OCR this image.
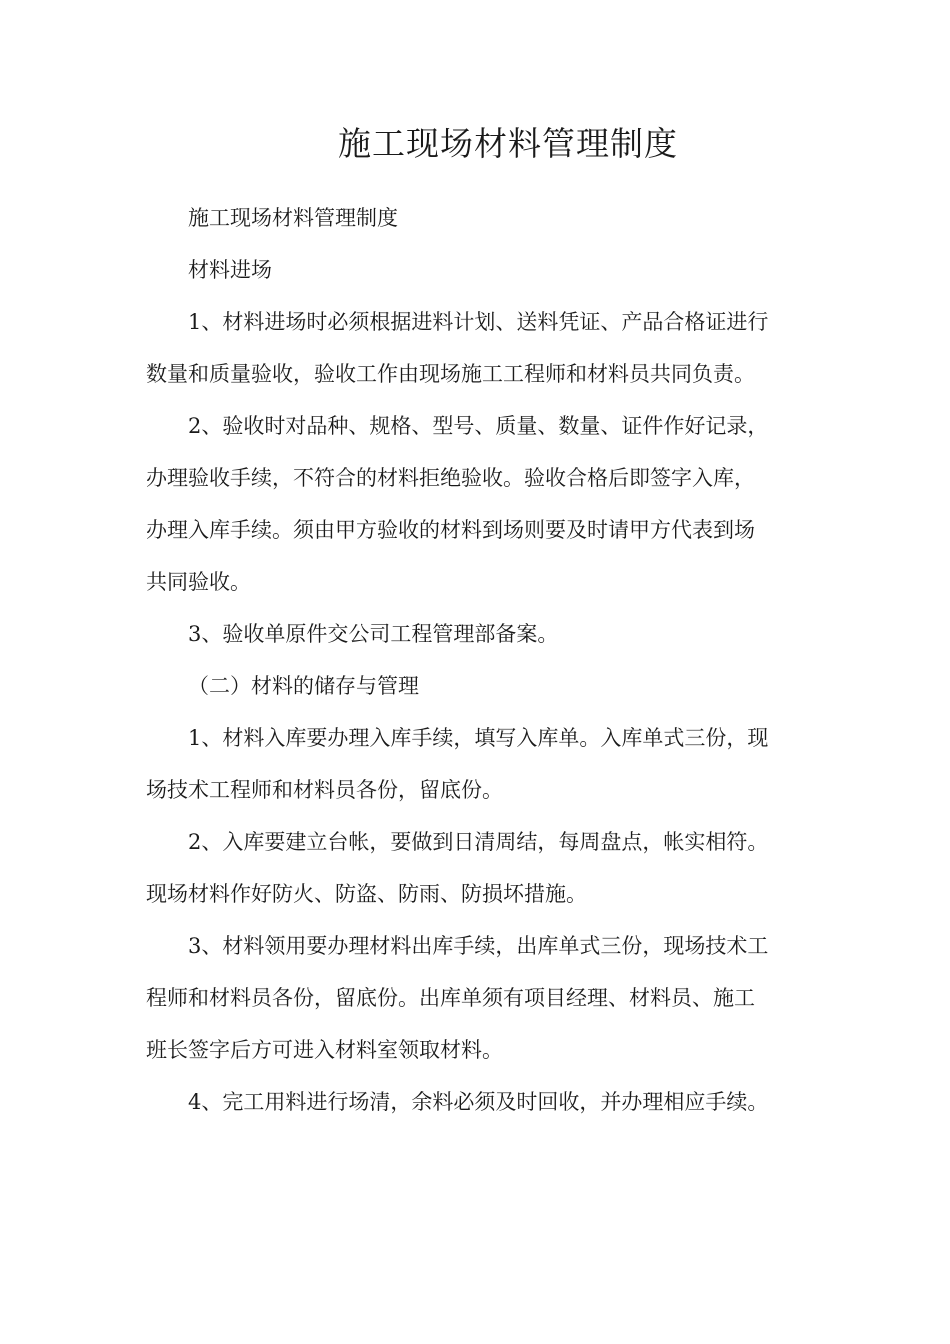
施工现场材料管理制度

施工现场材料管理制度

材料进场

1、材料进场时必须根据进料计划、送料凭证、产品合格证进行
数量和质量验收，验收工作由现场施工工程师和材料员共同负责。

2、验收时对品种、规格、型号、质量、数量、证件作好记录，
办理验收手续，不符合的材料拒绝验收。验收合格后即签字入库，
办理入库手续。须由甲方验收的材料到场则要及时请甲方代表到场
共同验收。

3、验收单原件交公司工程管理部备案。

（二）材料的储存与管理

1、材料入库要办理入库手续，填写入库单。入库单式三份，现
场技术工程师和材料员各份，留底份。

2、入库要建立台帐，要做到日清周结，每周盘点，帐实相符。
现场材料作好防火、防盗、防雨、防损坏措施。

3、材料领用要办理材料出库手续，出库单式三份，现场技术工
程师和材料员各份，留底份。出库单须有项目经理、材料员、施工
班长签字后方可进入材料室领取材料。

4、完工用料进行场清，余料必须及时回收，并办理相应手续。
